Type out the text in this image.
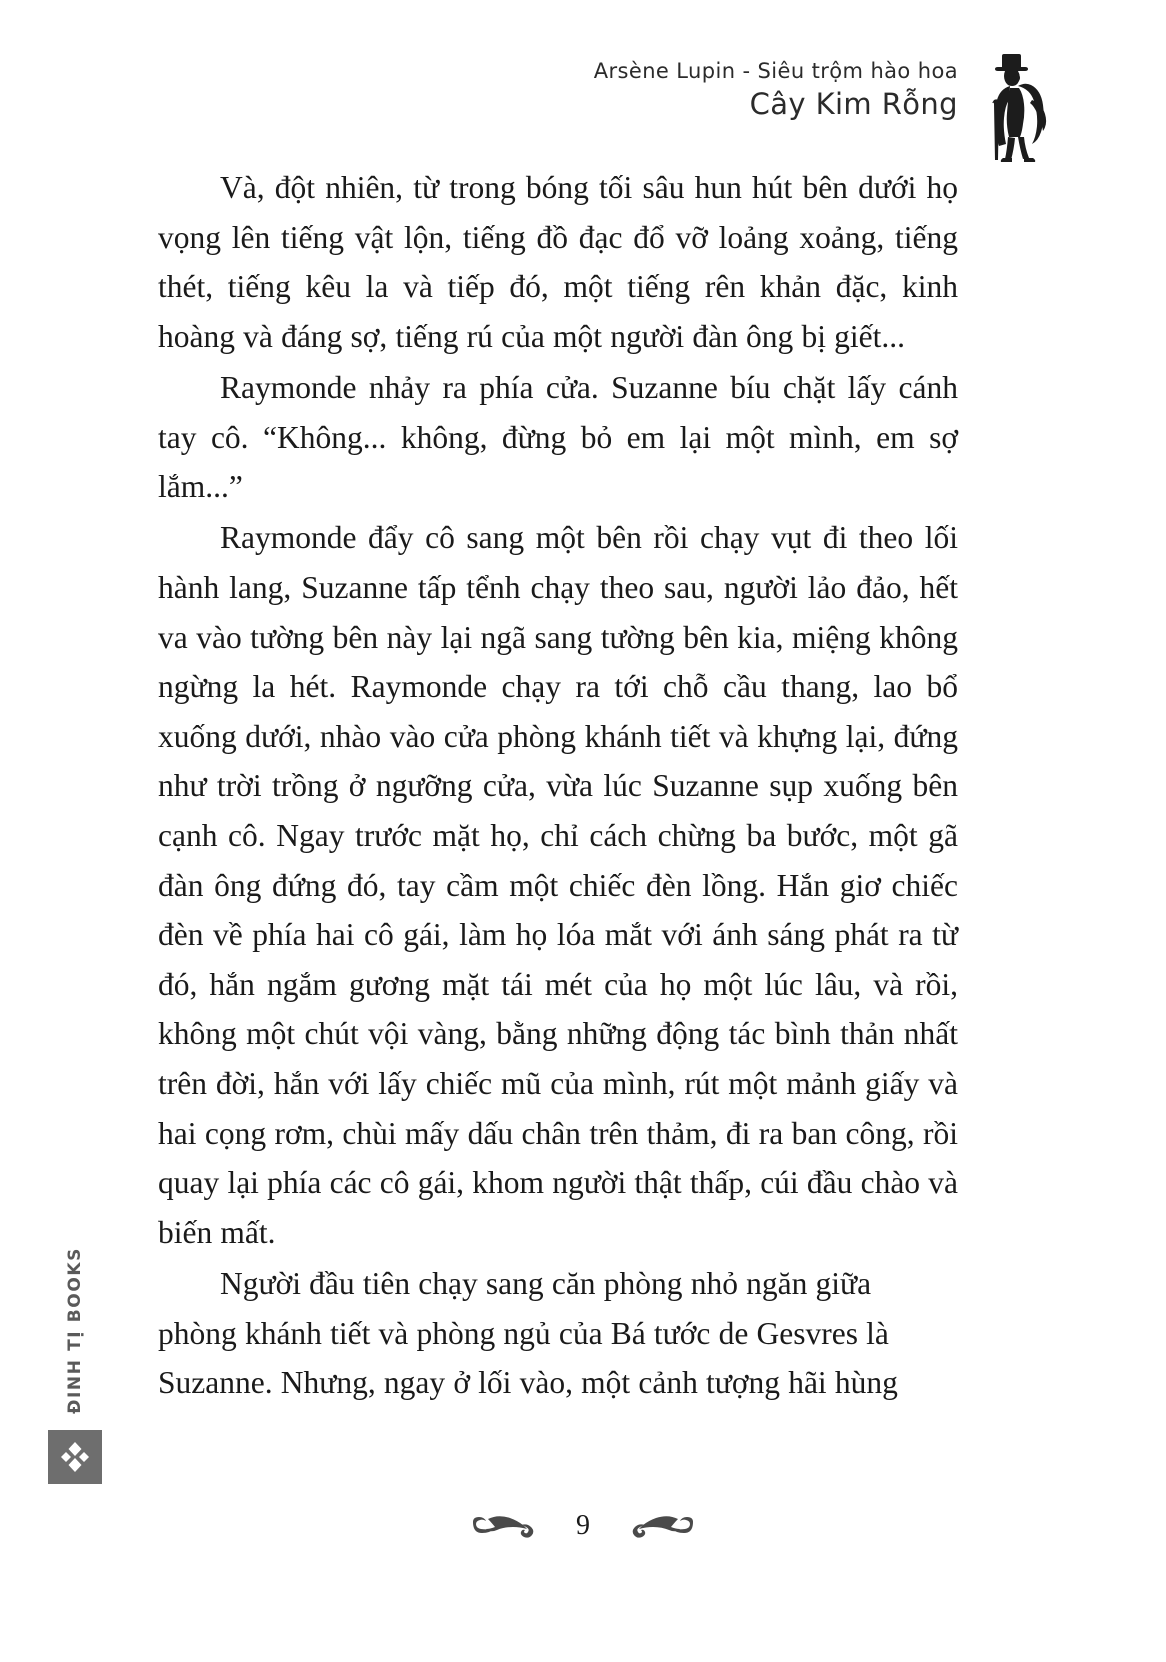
Arsène Lupin - Siêu trộm hào hoa
Cây Kim Rỗng

Và, đột nhiên, từ trong bóng tối sâu hun hút bên dưới họ vọng lên tiếng vật lộn, tiếng đồ đạc đổ vỡ loảng xoảng, tiếng thét, tiếng kêu la và tiếp đó, một tiếng rên khản đặc, kinh hoàng và đáng sợ, tiếng rú của một người đàn ông bị giết...

Raymonde nhảy ra phía cửa. Suzanne bíu chặt lấy cánh tay cô. “Không... không, đừng bỏ em lại một mình, em sợ lắm...”

Raymonde đẩy cô sang một bên rồi chạy vụt đi theo lối hành lang, Suzanne tấp tểnh chạy theo sau, người lảo đảo, hết va vào tường bên này lại ngã sang tường bên kia, miệng không ngừng la hét. Raymonde chạy ra tới chỗ cầu thang, lao bổ xuống dưới, nhào vào cửa phòng khánh tiết và khựng lại, đứng như trời trồng ở ngưỡng cửa, vừa lúc Suzanne sụp xuống bên cạnh cô. Ngay trước mặt họ, chỉ cách chừng ba bước, một gã đàn ông đứng đó, tay cầm một chiếc đèn lồng. Hắn giơ chiếc đèn về phía hai cô gái, làm họ lóa mắt với ánh sáng phát ra từ đó, hắn ngắm gương mặt tái mét của họ một lúc lâu, và rồi, không một chút vội vàng, bằng những động tác bình thản nhất trên đời, hắn với lấy chiếc mũ của mình, rút một mảnh giấy và hai cọng rơm, chùi mấy dấu chân trên thảm, đi ra ban công, rồi quay lại phía các cô gái, khom người thật thấp, cúi đầu chào và biến mất.

Người đầu tiên chạy sang căn phòng nhỏ ngăn giữa phòng khánh tiết và phòng ngủ của Bá tước de Gesvres là Suzanne. Nhưng, ngay ở lối vào, một cảnh tượng hãi hùng

ĐINH TỊ BOOKS
9
